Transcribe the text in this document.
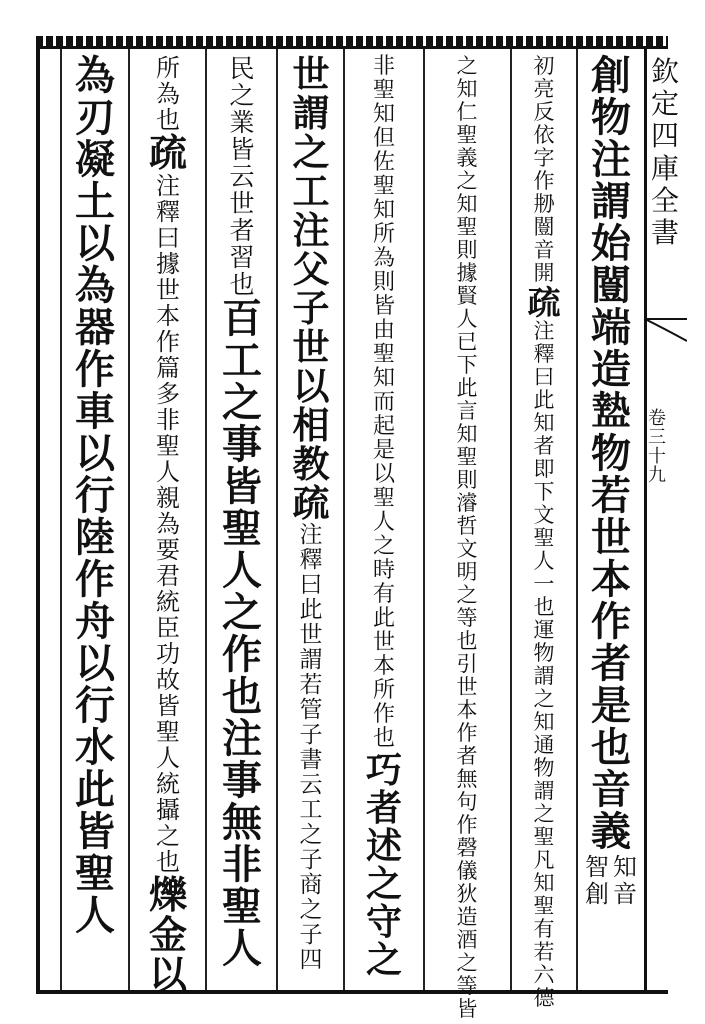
欽
定
四
庫
全
書
卷
三
十
九
創
物
注
謂
始
闓
端
造
𥂕
物
若
世
本
作
者
是
也
音
義
知
音
智
創
初
亮
反
依
字
作
刱
闓
音
開
疏
注
釋
曰
此
知
者
即
下
文
聖
人
一
也
運
物
謂
之
知
通
物
謂
之
聖
凡
知
聖
有
若
六
德
之
知
仁
聖
義
之
知
聖
則
據
賢
人
已
下
此
言
知
聖
則
濬
哲
文
明
之
等
也
引
世
本
作
者
無
句
作
磬
儀
狄
造
酒
之
等
皆
非
聖
知
但
佐
聖
知
所
為
則
皆
由
聖
知
而
起
是
以
聖
人
之
時
有
此
世
本
所
作
也
巧
者
述
之
守
之
世
謂
之
工
注
父
子
世
以
相
教
疏
注
釋
曰
此
世
謂
若
管
子
書
云
工
之
子
商
之
子
四
民
之
業
皆
云
世
者
習
也
百
工
之
事
皆
聖
人
之
作
也
注
事
無
非
聖
人
所
為
也
疏
注
釋
曰
據
世
本
作
篇
多
非
聖
人
親
為
要
君
統
臣
功
故
皆
聖
人
統
攝
之
也
爍
金
以
為
刃
凝
土
以
為
器
作
車
以
行
陸
作
舟
以
行
水
此
皆
聖
人
